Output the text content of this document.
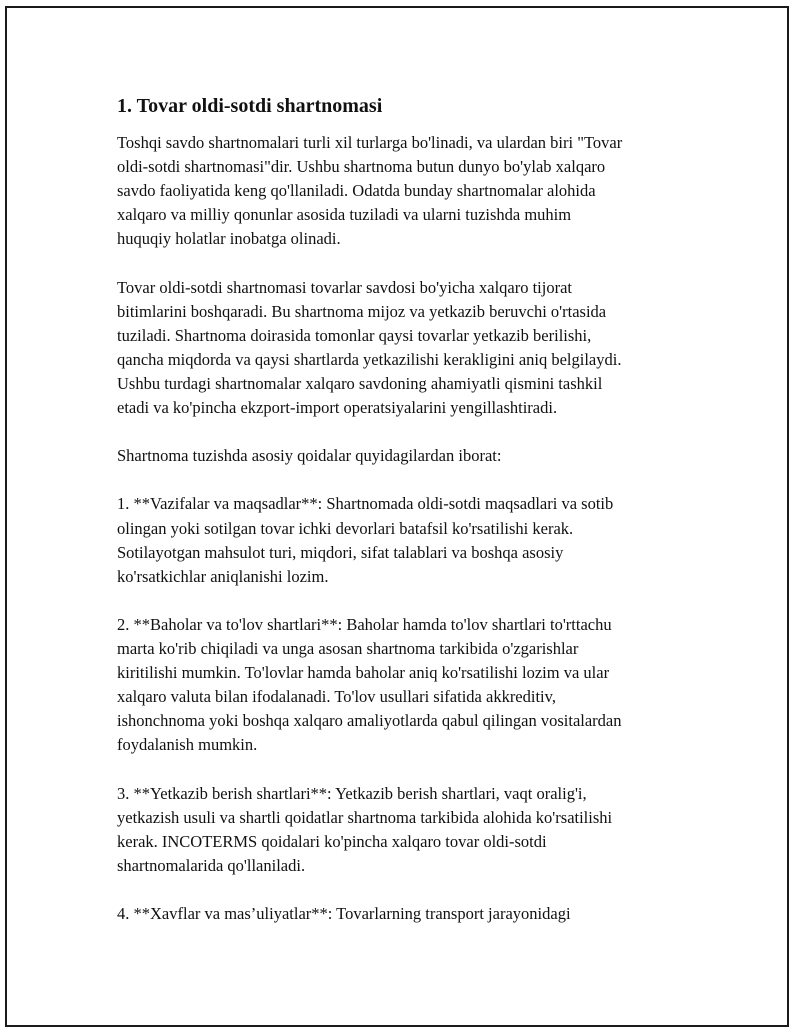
1. Tovar oldi-sotdi shartnomasi

Toshqi savdo shartnomalari turli xil turlarga bo'linadi, va ulardan biri "Tovar
oldi-sotdi shartnomasi"dir. Ushbu shartnoma butun dunyo bo'ylab xalqaro
savdo faoliyatida keng qo'llaniladi. Odatda bunday shartnomalar alohida
xalqaro va milliy qonunlar asosida tuziladi va ularni tuzishda muhim
huquqiy holatlar inobatga olinadi.

Tovar oldi-sotdi shartnomasi tovarlar savdosi bo'yicha xalqaro tijorat
bitimlarini boshqaradi. Bu shartnoma mijoz va yetkazib beruvchi o'rtasida
tuziladi. Shartnoma doirasida tomonlar qaysi tovarlar yetkazib berilishi,
qancha miqdorda va qaysi shartlarda yetkazilishi kerakligini aniq belgilaydi.
Ushbu turdagi shartnomalar xalqaro savdoning ahamiyatli qismini tashkil
etadi va ko'pincha ekzport-import operatsiyalarini yengillashtiradi.

Shartnoma tuzishda asosiy qoidalar quyidagilardan iborat:

1. **Vazifalar va maqsadlar**: Shartnomada oldi-sotdi maqsadlari va sotib
olingan yoki sotilgan tovar ichki devorlari batafsil ko'rsatilishi kerak.
Sotilayotgan mahsulot turi, miqdori, sifat talablari va boshqa asosiy
ko'rsatkichlar aniqlanishi lozim.

2. **Baholar va to'lov shartlari**: Baholar hamda to'lov shartlari to'rttachu
marta ko'rib chiqiladi va unga asosan shartnoma tarkibida o'zgarishlar
kiritilishi mumkin. To'lovlar hamda baholar aniq ko'rsatilishi lozim va ular
xalqaro valuta bilan ifodalanadi. To'lov usullari sifatida akkreditiv,
ishonchnoma yoki boshqa xalqaro amaliyotlarda qabul qilingan vositalardan
foydalanish mumkin.

3. **Yetkazib berish shartlari**: Yetkazib berish shartlari, vaqt oralig'i,
yetkazish usuli va shartli qoidatlar shartnoma tarkibida alohida ko'rsatilishi
kerak. INCOTERMS qoidalari ko'pincha xalqaro tovar oldi-sotdi
shartnomalarida qo'llaniladi.

4. **Xavflar va mas’uliyatlar**: Tovarlarning transport jarayonidagi
